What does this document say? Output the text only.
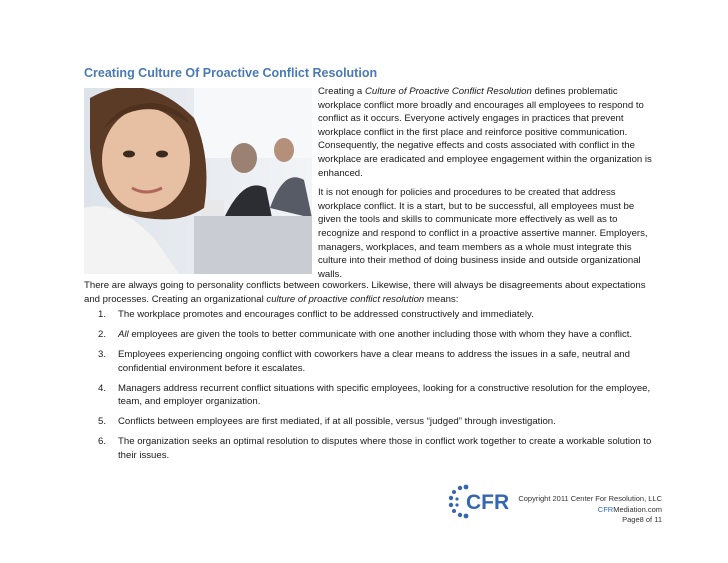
Creating Culture Of Proactive Conflict Resolution

Creating a Culture of Proactive Conflict Resolution defines problematic workplace conflict more broadly and encourages all employees to respond to conflict as it occurs. Everyone actively engages in practices that prevent workplace conflict in the first place and reinforce positive communication. Consequently, the negative effects and costs associated with conflict in the workplace are eradicated and employee engagement within the organization is enhanced.

It is not enough for policies and procedures to be created that address workplace conflict. It is a start, but to be successful, all employees must be given the tools and skills to communicate more effectively as well as to recognize and respond to conflict in a proactive assertive manner. Employers, managers, workplaces, and team members as a whole must integrate this culture into their method of doing business inside and outside organizational walls.

There are always going to personality conflicts between coworkers. Likewise, there will always be disagreements about expectations and processes. Creating an organizational culture of proactive conflict resolution means:
1.	The workplace promotes and encourages conflict to be addressed constructively and immediately.
2.	All employees are given the tools to better communicate with one another including those with whom they have a conflict.
3.	Employees experiencing ongoing conflict with coworkers have a clear means to address the issues in a safe, neutral and confidential environment before it escalates.
4.	Managers address recurrent conflict situations with specific employees, looking for a constructive resolution for the employee, team, and employer organization.
5.	Conflicts between employees are first mediated, if at all possible, versus “judged” through investigation.
6.	The organization seeks an optimal resolution to disputes where those in conflict work together to create a workable solution to their issues.
CFR Copyright 2011 Center For Resolution, LLC
CFRMediation.com
Page8 of 11
